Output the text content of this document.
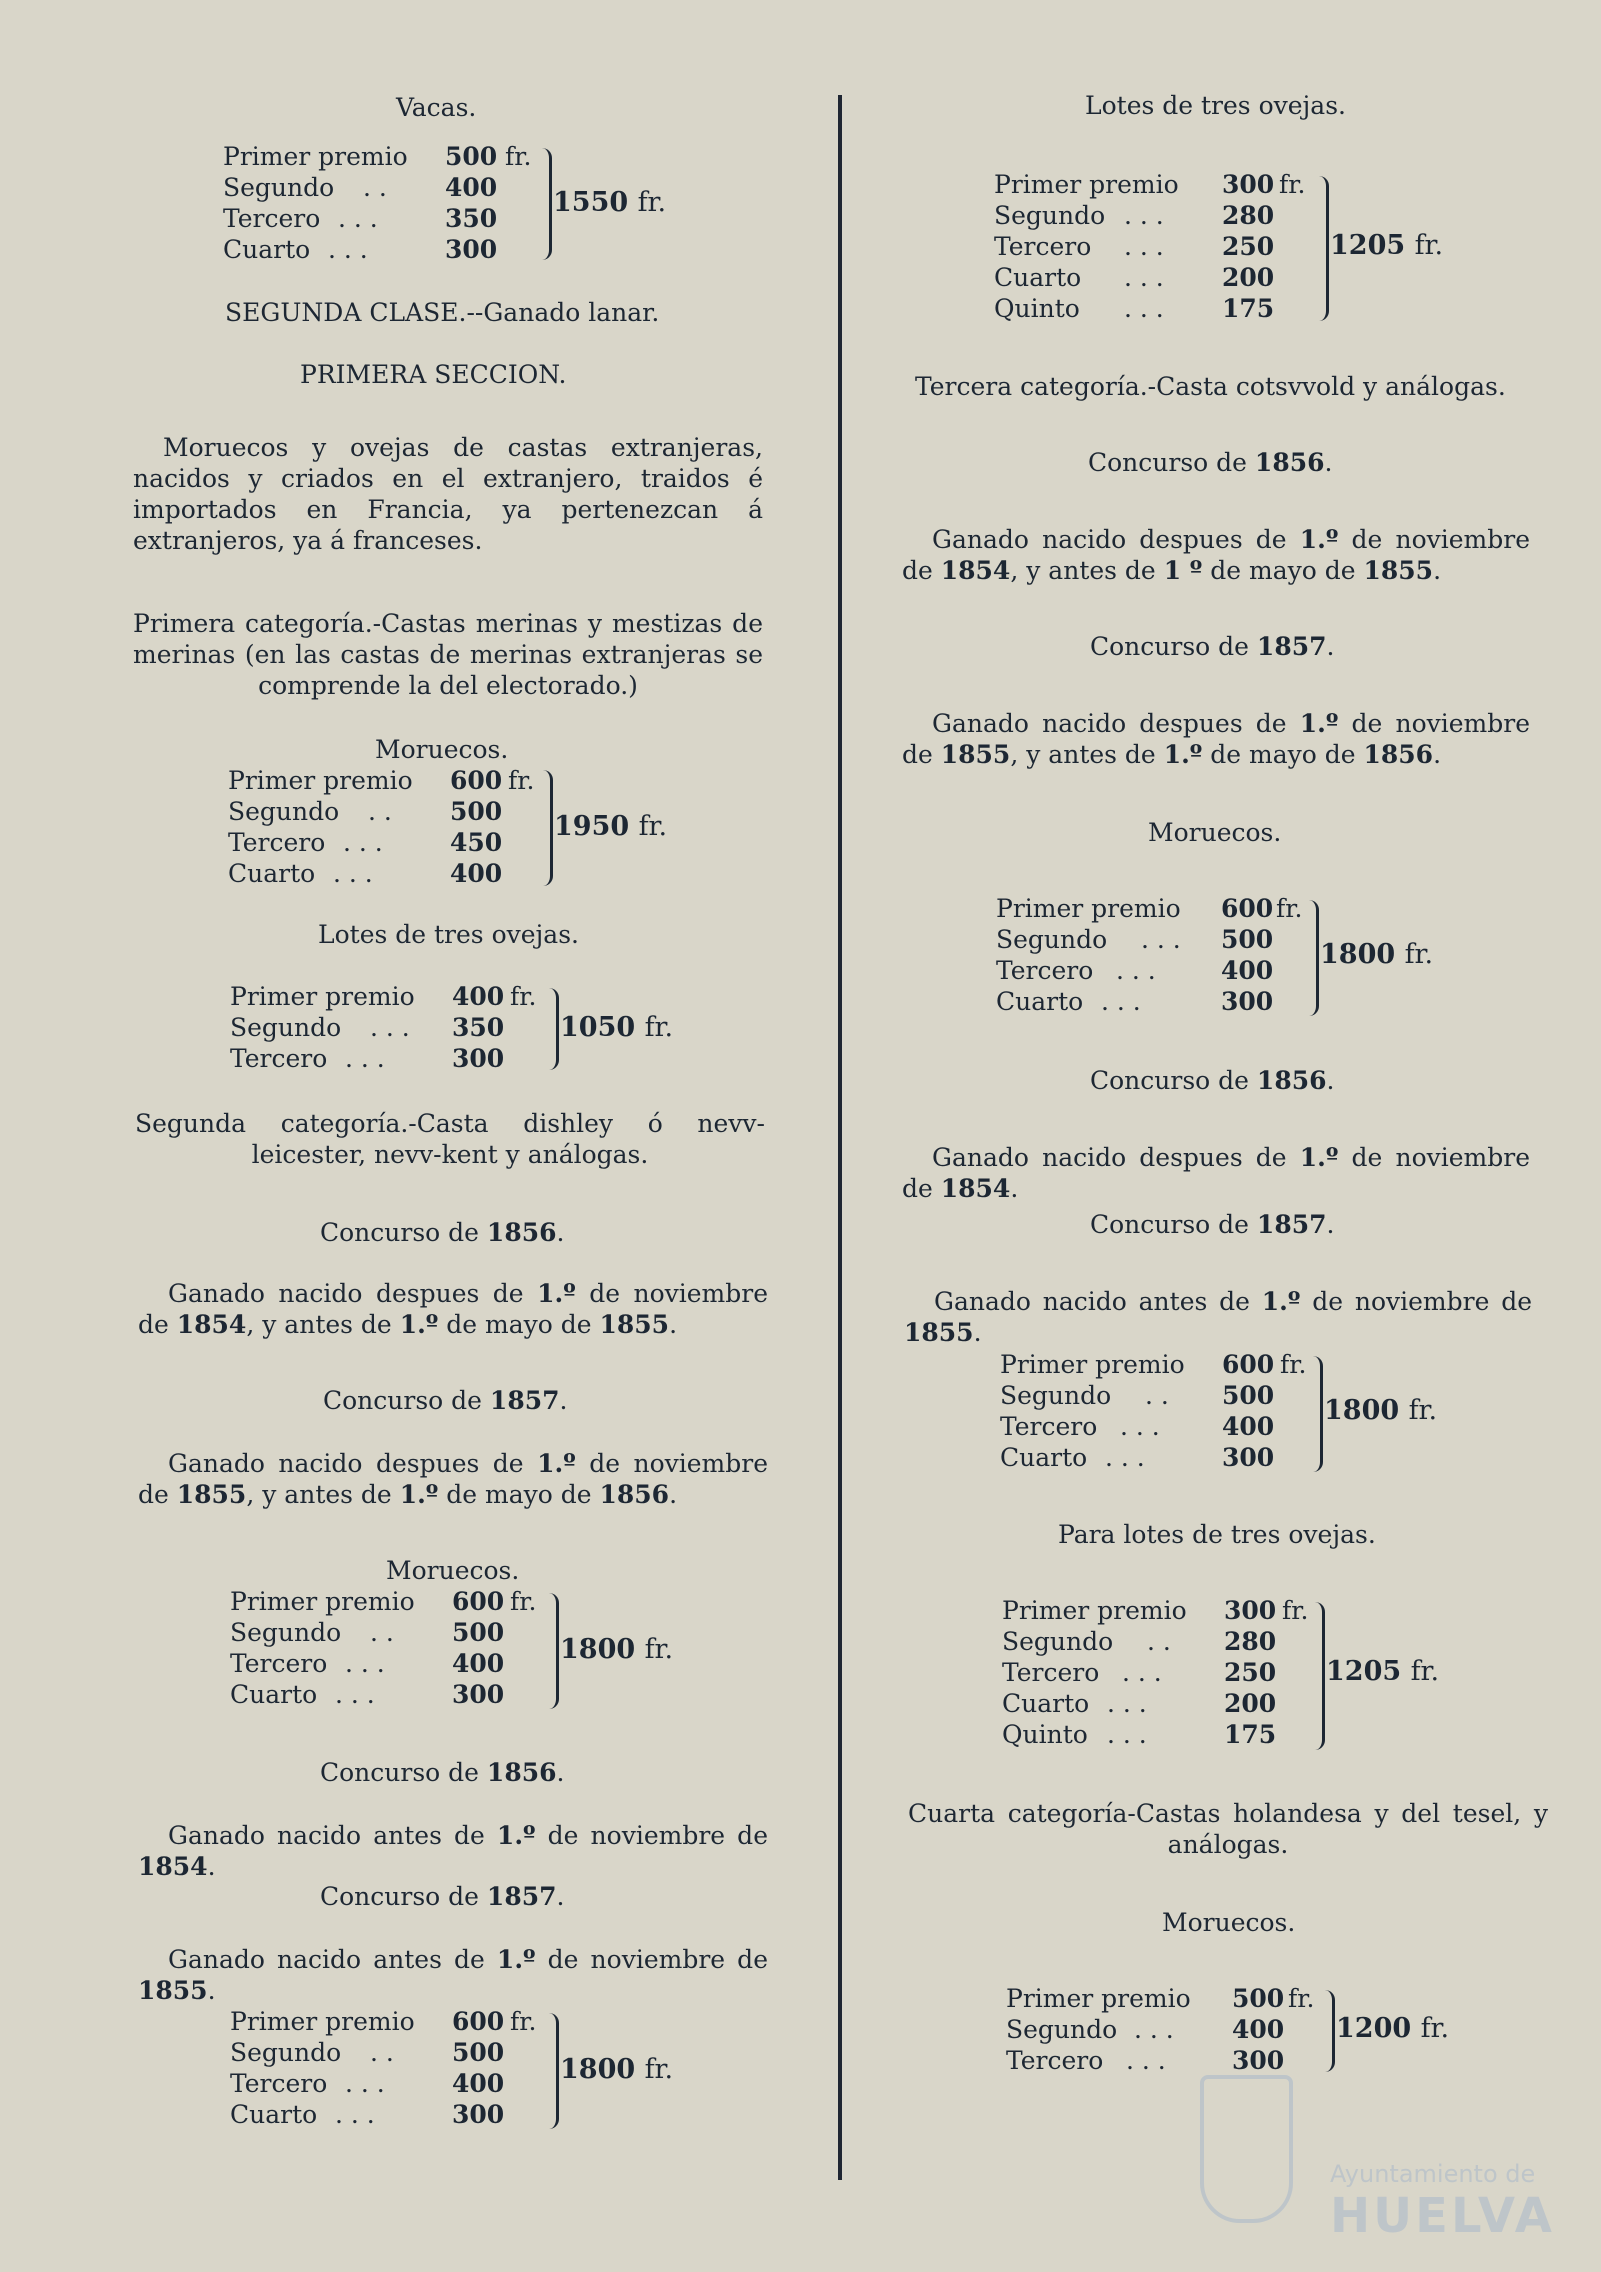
Vacas.
Primer premio 500 fr.
Segundo . . 400
Tercero . . .	350
Cuarto . . .	300
1550 fr.
SEGUNDA CLASE.--Ganado lanar.
PRIMERA SECCION.
Moruecos y ovejas de castas extranjeras, nacidos y criados en el extranjero, traidos é importados en Francia, ya pertenezcan á extranjeros, ya á franceses.
Primera categoría.-Castas merinas y mestizas de merinas (en las castas de merinas extranjeras se comprende la del electorado.)
Moruecos.
Primer premio 600 fr.
Segundo . . 500
Tercero . . .	450
Cuarto . . .	400
1950 fr.
Lotes de tres ovejas.
Primer premio 400 fr.
Segundo . . . 350
Tercero . . .	300
1050 fr.
Segunda categoría.-Casta dishley ó nevv-leicester, nevv-kent y análogas.
Concurso de 1856.
Ganado nacido despues de 1.º de noviembre de 1854, y antes de 1.º de mayo de 1855.
Concurso de 1857.
Ganado nacido despues de 1.º de noviembre de 1855, y antes de 1.º de mayo de 1856.
Moruecos.
Primer premio 600 fr.
Segundo . . 500
Tercero . . .	400
Cuarto . . .	300
1800 fr.
Concurso de 1856.
Ganado nacido antes de 1.º de noviembre de 1854.
Concurso de 1857.
Ganado nacido antes de 1.º de noviembre de 1855.
Primer premio 600 fr.
Segundo . . 500
Tercero . . .	400
Cuarto . . .	300
1800 fr.
Lotes de tres ovejas.
Primer premio 300 fr.
Segundo . . . 280
Tercero . . . 250
Cuarto . . . 200
Quinto . . . 175
1205 fr.
Tercera categoría.-Casta cotsvvold y análogas.
Concurso de 1856.
Ganado nacido despues de 1.º de noviembre de 1854, y antes de 1 º de mayo de 1855.
Concurso de 1857.
Ganado nacido despues de 1.º de noviembre de 1855, y antes de 1.º de mayo de 1856.
Moruecos.
Primer premio 600 fr.
Segundo . . . 500
Tercero . . .	400
Cuarto . . .	300
1800 fr.
Concurso de 1856.
Ganado nacido despues de 1.º de noviembre de 1854.
Concurso de 1857.
Ganado nacido antes de 1.º de noviembre de 1855.
Primer premio 600 fr.
Segundo . . 500
Tercero . . . 400
Cuarto . . .	300
1800 fr.
Para lotes de tres ovejas.
Primer premio 300 fr.
Segundo . . 280
Tercero . . . 250
Cuarto . . .	200
Quinto . . .	175
1205 fr.
Cuarta categoría-Castas holandesa y del tesel, y análogas.
Moruecos.
Primer premio 500 fr.
Segundo . . . 400
Tercero . . .	300
1200 fr.
Ayuntamiento de
HUELVA
